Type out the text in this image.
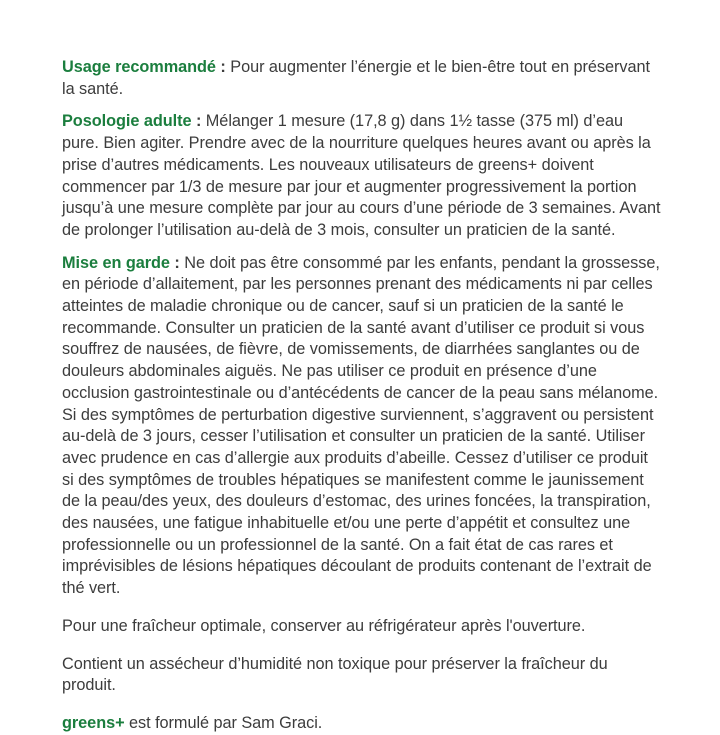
Usage recommandé : Pour augmenter l’énergie et le bien-être tout en préservant la santé.

Posologie adulte : Mélanger 1 mesure (17,8 g) dans 1½ tasse (375 ml) d’eau pure. Bien agiter. Prendre avec de la nourriture quelques heures avant ou après la prise d’autres médicaments. Les nouveaux utilisateurs de greens+ doivent commencer par 1/3 de mesure par jour et augmenter progressivement la portion jusqu’à une mesure complète par jour au cours d’une période de 3 semaines. Avant de prolonger l’utilisation au-delà de 3 mois, consulter un praticien de la santé.

Mise en garde : Ne doit pas être consommé par les enfants, pendant la grossesse, en période d’allaitement, par les personnes prenant des médicaments ni par celles atteintes de maladie chronique ou de cancer, sauf si un praticien de la santé le recommande. Consulter un praticien de la santé avant d’utiliser ce produit si vous souffrez de nausées, de fièvre, de vomissements, de diarrhées sanglantes ou de douleurs abdominales aiguës. Ne pas utiliser ce produit en présence d’une occlusion gastrointestinale ou d’antécédents de cancer de la peau sans mélanome. Si des symptômes de perturbation digestive surviennent, s’aggravent ou persistent au-delà de 3 jours, cesser l’utilisation et consulter un praticien de la santé. Utiliser avec prudence en cas d’allergie aux produits d’abeille. Cessez d’utiliser ce produit si des symptômes de troubles hépatiques se manifestent comme le jaunissement de la peau/des yeux, des douleurs d’estomac, des urines foncées, la transpiration, des nausées, une fatigue inhabituelle et/ou une perte d’appétit et consultez une professionnelle ou un professionnel de la santé. On a fait état de cas rares et imprévisibles de lésions hépatiques découlant de produits contenant de l’extrait de thé vert.

Pour une fraîcheur optimale, conserver au réfrigérateur après l'ouverture.

Contient un assécheur d’humidité non toxique pour préserver la fraîcheur du produit.

greens+ est formulé par Sam Graci.
